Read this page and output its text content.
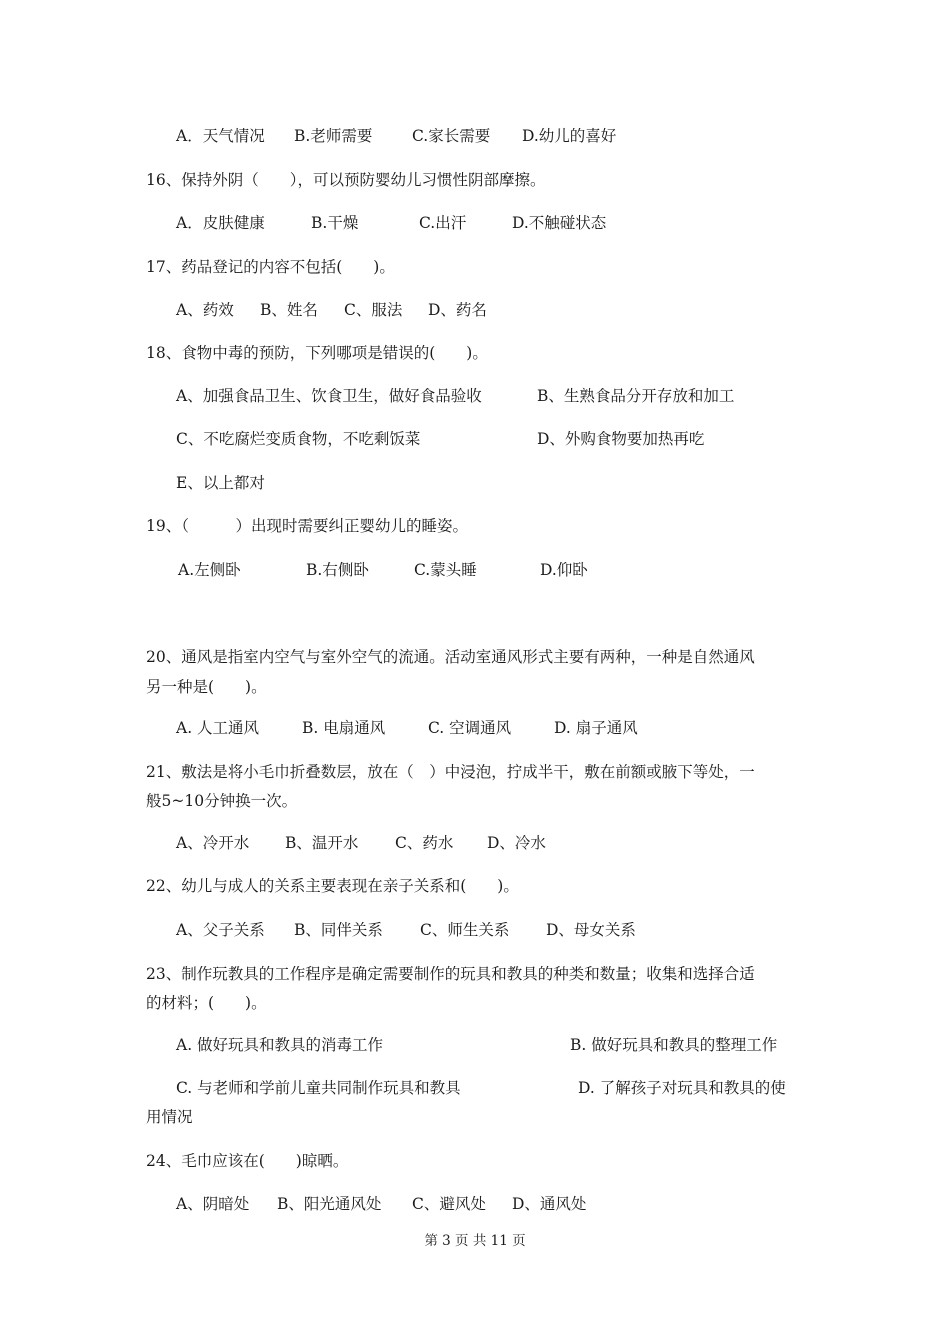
A．天气情况 B.老师需要	C.家长需要 D.幼儿的喜好
16、保持外阴（　　），可以预防婴幼儿习惯性阴部摩擦。
A．皮肤健康	B.干燥	C.出汗	D.不触碰状态
17、药品登记的内容不包括(　　)。
A、药效 B、姓名 C、服法 D、药名
18、食物中毒的预防，下列哪项是错误的(　　)。
A、加强食品卫生、饮食卫生，做好食品验收	B、生熟食品分开存放和加工
C、不吃腐烂变质食物，不吃剩饭菜	D、外购食物要加热再吃
E、以上都对
19、（　　　）出现时需要纠正婴幼儿的睡姿。
A.左侧卧	B.右侧卧	C.蒙头睡	D.仰卧
20、通风是指室内空气与室外空气的流通。活动室通风形式主要有两种，一种是自然通风
另一种是(　　)。
A. 人工通风	B. 电扇通风	C. 空调通风	D. 扇子通风
21、敷法是将小毛巾折叠数层，放在（　）中浸泡，拧成半干，敷在前额或腋下等处，一
般5~10分钟换一次。
A、冷开水 B、温开水 C、药水 D、冷水
22、幼儿与成人的关系主要表现在亲子关系和(　　)。
A、父子关系 B、同伴关系 C、师生关系 D、母女关系
23、制作玩教具的工作程序是确定需要制作的玩具和教具的种类和数量；收集和选择合适
的材料；(　　)。
A. 做好玩具和教具的消毒工作	B. 做好玩具和教具的整理工作
C. 与老师和学前儿童共同制作玩具和教具	D. 了解孩子对玩具和教具的使
用情况
24、毛巾应该在(　　)晾晒。
A、阴暗处 B、阳光通风处 C、避风处 D、通风处
第 3 页 共 11 页
